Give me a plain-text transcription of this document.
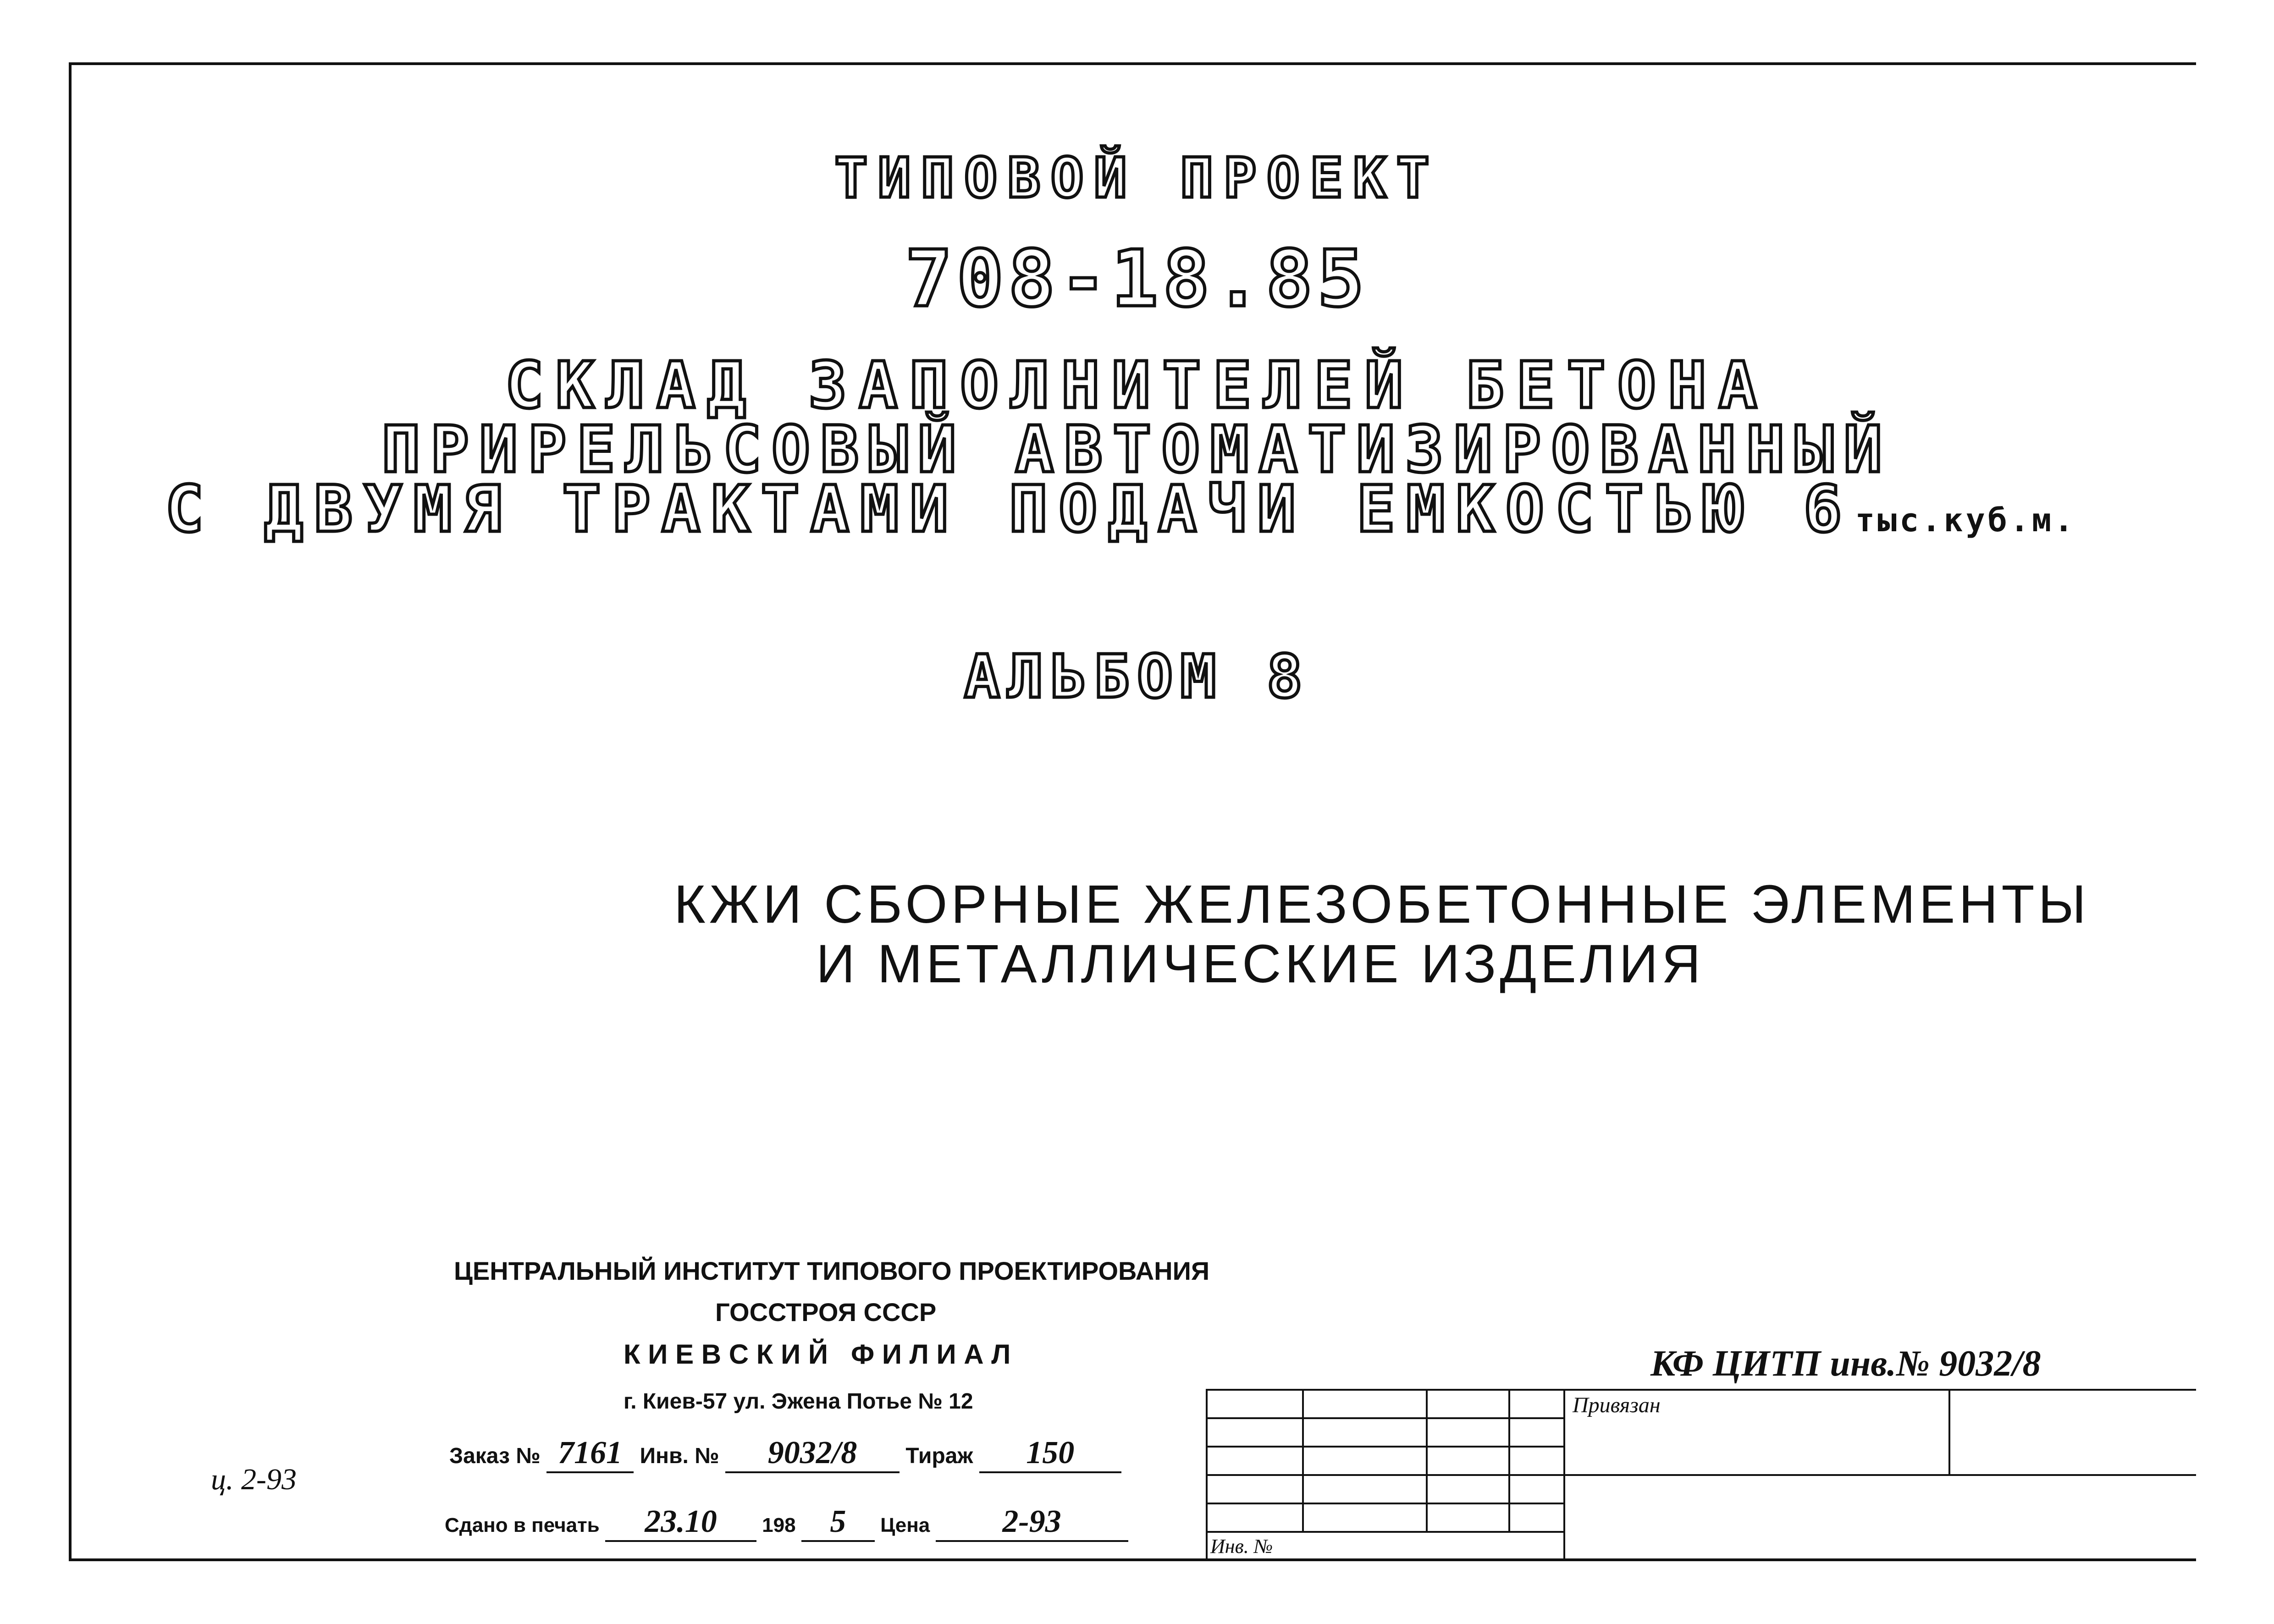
ТИПОВОЙ ПРОЕКТ
708-18.85
СКЛАД ЗАПОЛНИТЕЛЕЙ БЕТОНА
ПРИРЕЛЬСОВЫЙ АВТОМАТИЗИРОВАННЫЙ
С ДВУМЯ ТРАКТАМИ ПОДАЧИ ЕМКОСТЬЮ 6 тыс.куб.м.
АЛЬБОМ 8
КЖИ СБОРНЫЕ ЖЕЛЕЗОБЕТОННЫЕ ЭЛЕМЕНТЫ
И МЕТАЛЛИЧЕСКИЕ ИЗДЕЛИЯ
ЦЕНТРАЛЬНЫЙ ИНСТИТУТ ТИПОВОГО ПРОЕКТИРОВАНИЯ
ГОССТРОЯ СССР
К И Е В С К И Й   Ф И Л И А Л
г. Киев-57 ул. Эжена Потье № 12
Заказ № 7161 Инв. № 9032/8 Тираж 150
Сдано в печать 23.10 198 5 Цена 2-93
ц. 2-93
КФ ЦИТП инв.№ 9032/8
Привязан
Инв. №
